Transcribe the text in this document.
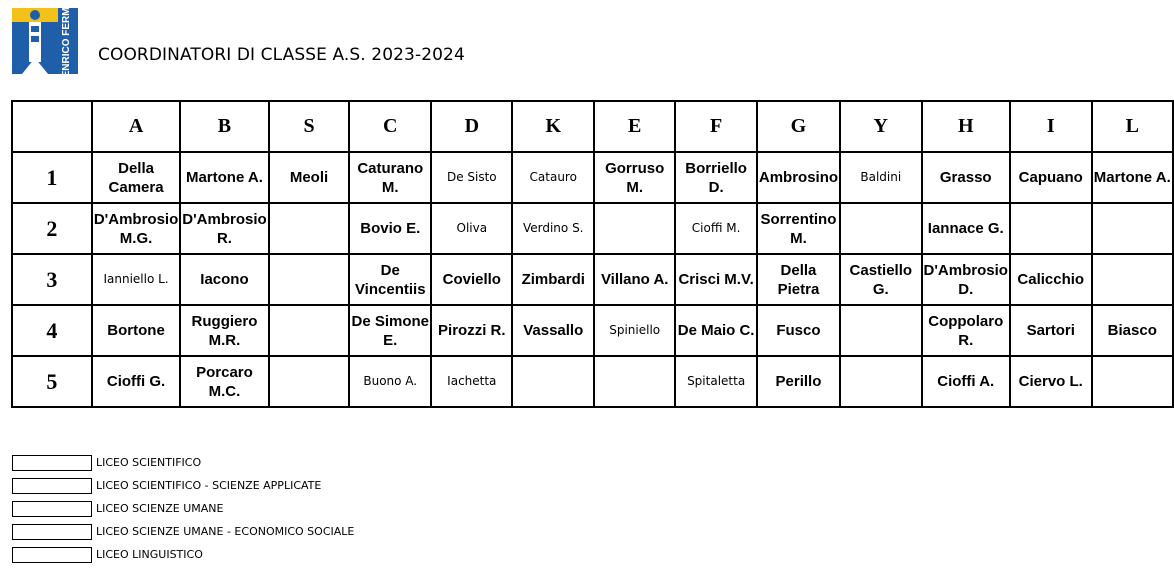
ENRICO FERMI COORDINATORI DI CLASSE A.S. 2023-2024
	A	B	S	C	D	K	E	F	G	Y	H	I	L
1	Della Camera	Martone A.	Meoli	Caturano M.	De Sisto	Catauro	Gorruso M.	Borriello D.	Ambrosino	Baldini	Grasso	Capuano	Martone A.
2	D'Ambrosio M.G.	D'Ambrosio R.		Bovio E.	Oliva	Verdino S.		Cioffi M.	Sorrentino M.		Iannace G.		
3	Ianniello L.	Iacono		De Vincentiis	Coviello	Zimbardi	Villano A.	Crisci M.V.	Della Pietra	Castiello G.	D'Ambrosio D.	Calicchio	
4	Bortone	Ruggiero M.R.		De Simone E.	Pirozzi R.	Vassallo	Spiniello	De Maio C.	Fusco		Coppolaro R.	Sartori	Biasco
5	Cioffi G.	Porcaro M.C.		Buono A.	Iachetta			Spitaletta	Perillo		Cioffi A.	Ciervo L.	
LICEO SCIENTIFICO
LICEO SCIENTIFICO - SCIENZE APPLICATE
LICEO SCIENZE UMANE
LICEO SCIENZE UMANE - ECONOMICO SOCIALE
LICEO LINGUISTICO
